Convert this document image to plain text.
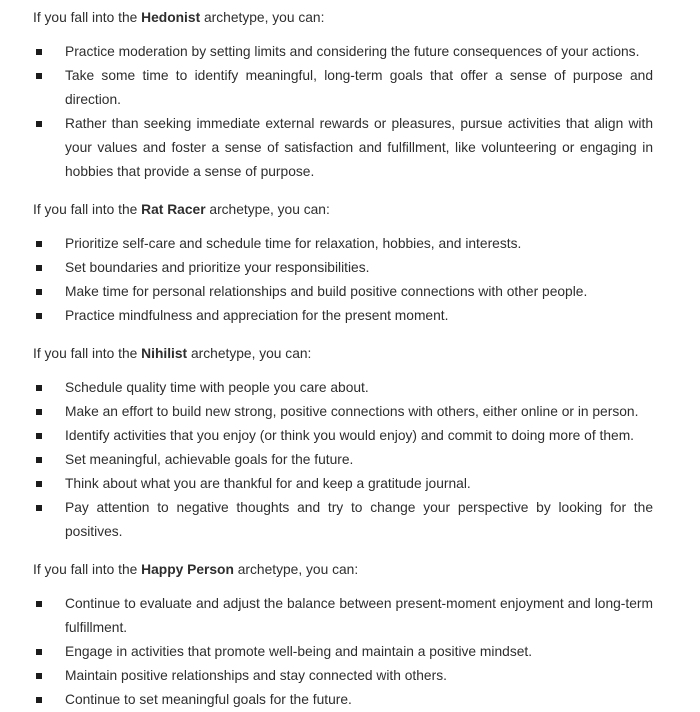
If you fall into the Hedonist archetype, you can:

Practice moderation by setting limits and considering the future consequences of your actions.
Take some time to identify meaningful, long-term goals that offer a sense of purpose and direction.
Rather than seeking immediate external rewards or pleasures, pursue activities that align with your values and foster a sense of satisfaction and fulfillment, like volunteering or engaging in hobbies that provide a sense of purpose.

If you fall into the Rat Racer archetype, you can:

Prioritize self-care and schedule time for relaxation, hobbies, and interests.
Set boundaries and prioritize your responsibilities.
Make time for personal relationships and build positive connections with other people.
Practice mindfulness and appreciation for the present moment.

If you fall into the Nihilist archetype, you can:

Schedule quality time with people you care about.
Make an effort to build new strong, positive connections with others, either online or in person.
Identify activities that you enjoy (or think you would enjoy) and commit to doing more of them.
Set meaningful, achievable goals for the future.
Think about what you are thankful for and keep a gratitude journal.
Pay attention to negative thoughts and try to change your perspective by looking for the positives.

If you fall into the Happy Person archetype, you can:

Continue to evaluate and adjust the balance between present-moment enjoyment and long-term fulfillment.
Engage in activities that promote well-being and maintain a positive mindset.
Maintain positive relationships and stay connected with others.
Continue to set meaningful goals for the future.
